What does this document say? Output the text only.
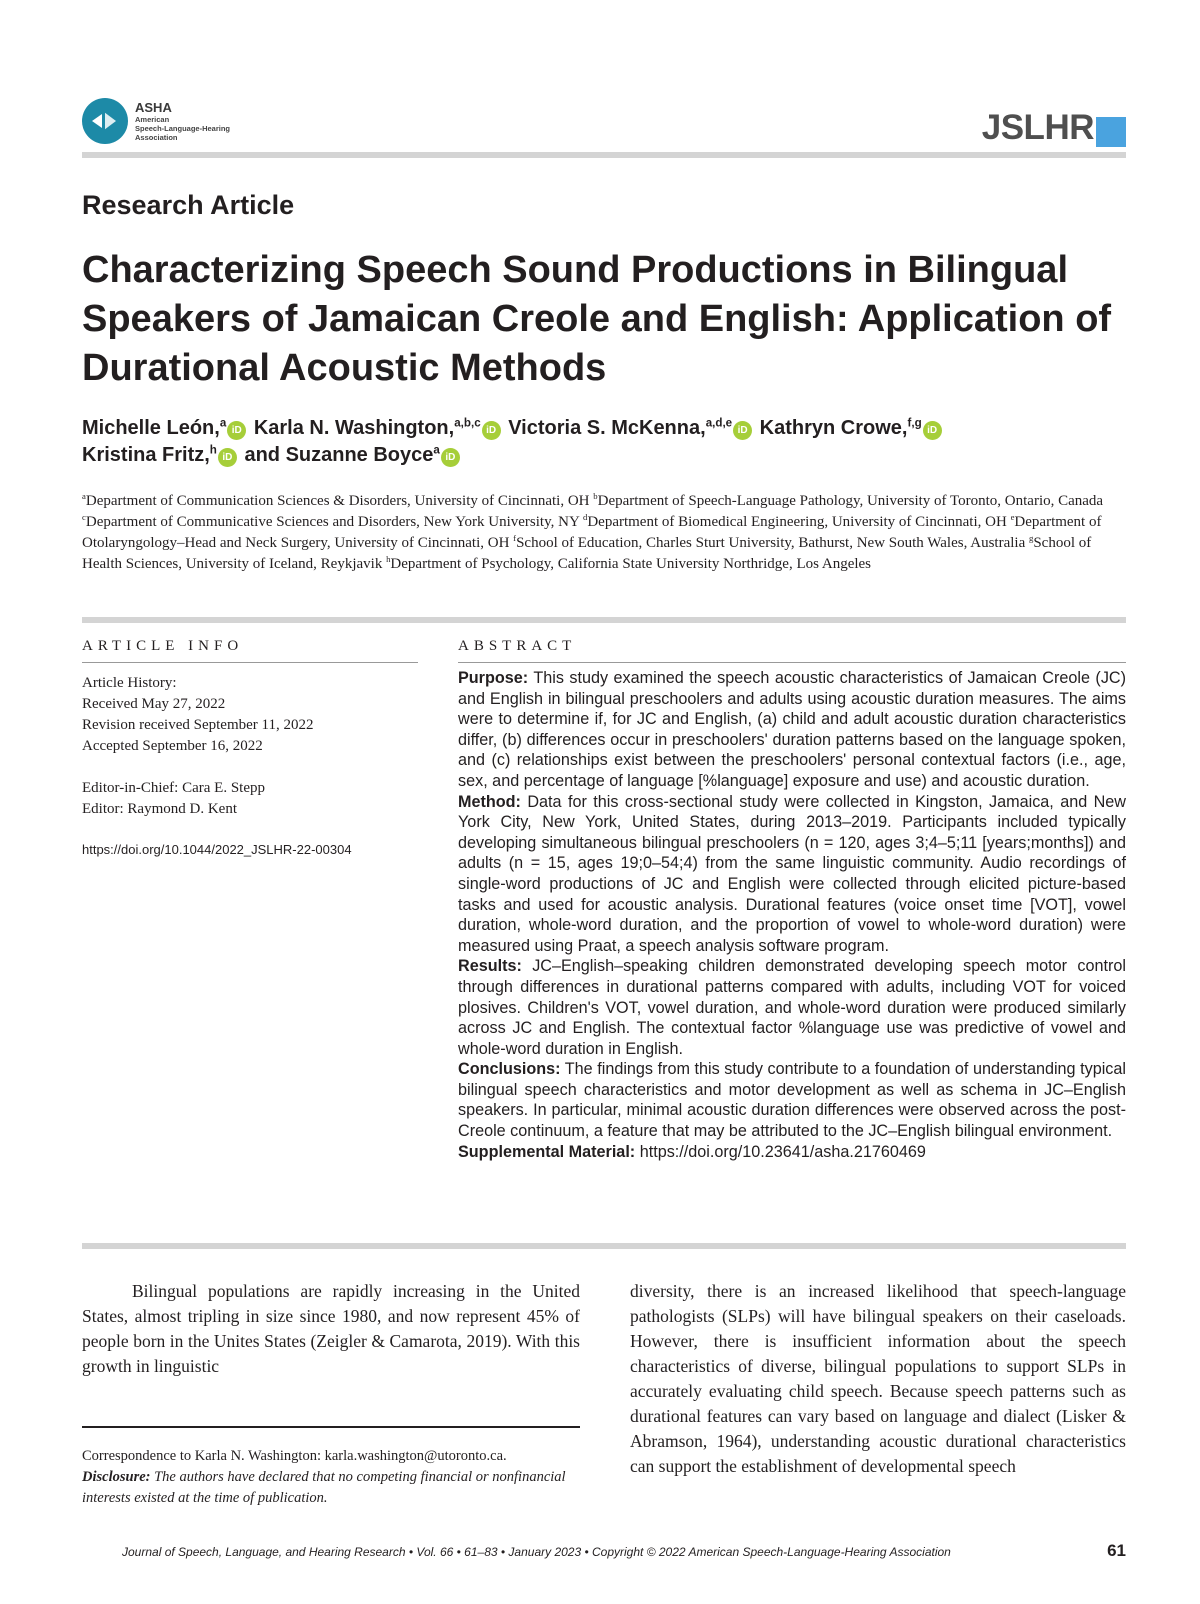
ASHA
American
Speech-Language-Hearing
Association	JSLHR
Research Article
Characterizing Speech Sound Productions in Bilingual Speakers of Jamaican Creole and English: Application of Durational Acoustic Methods
Michelle León,$^a$iD Karla N. Washington,$^{a,b,c}$iD Victoria S. McKenna,$^{a,d,e}$iD Kathryn Crowe,$^{f,g}$iD
Kristina Fritz,$^h$iD and Suzanne Boyce$^a$iD
$^a$Department of Communication Sciences & Disorders, University of Cincinnati, OH $^b$Department of Speech-Language Pathology, University of Toronto, Ontario, Canada $^c$Department of Communicative Sciences and Disorders, New York University, NY $^d$Department of Biomedical Engineering, University of Cincinnati, OH $^e$Department of Otolaryngology–Head and Neck Surgery, University of Cincinnati, OH $^f$School of Education, Charles Sturt University, Bathurst, New South Wales, Australia $^g$School of Health Sciences, University of Iceland, Reykjavik $^h$Department of Psychology, California State University Northridge, Los Angeles
ARTICLE INFO
Article History:
Received May 27, 2022
Revision received September 11, 2022
Accepted September 16, 2022
Editor-in-Chief: Cara E. Stepp
Editor: Raymond D. Kent
https://doi.org/10.1044/2022_JSLHR-22-00304
ABSTRACT

Purpose: This study examined the speech acoustic characteristics of Jamaican Creole (JC) and English in bilingual preschoolers and adults using acoustic duration measures. The aims were to determine if, for JC and English, (a) child and adult acoustic duration characteristics differ, (b) differences occur in preschoolers' duration patterns based on the language spoken, and (c) relationships exist between the preschoolers' personal contextual factors (i.e., age, sex, and percentage of language [%language] exposure and use) and acoustic duration.

Method: Data for this cross-sectional study were collected in Kingston, Jamaica, and New York City, New York, United States, during 2013–2019. Participants included typically developing simultaneous bilingual preschoolers (n = 120, ages 3;4–5;11 [years;months]) and adults (n = 15, ages 19;0–54;4) from the same linguistic community. Audio recordings of single-word productions of JC and English were collected through elicited picture-based tasks and used for acoustic analysis. Durational features (voice onset time [VOT], vowel duration, whole-word duration, and the proportion of vowel to whole-word duration) were measured using Praat, a speech analysis software program.

Results: JC–English–speaking children demonstrated developing speech motor control through differences in durational patterns compared with adults, including VOT for voiced plosives. Children's VOT, vowel duration, and whole-word duration were produced similarly across JC and English. The contextual factor %language use was predictive of vowel and whole-word duration in English.

Conclusions: The findings from this study contribute to a foundation of understanding typical bilingual speech characteristics and motor development as well as schema in JC–English speakers. In particular, minimal acoustic duration differences were observed across the post-Creole continuum, a feature that may be attributed to the JC–English bilingual environment.

Supplemental Material: https://doi.org/10.23641/asha.21760469

Bilingual populations are rapidly increasing in the United States, almost tripling in size since 1980, and now represent 45% of people born in the Unites States (Zeigler & Camarota, 2019). With this growth in linguistic
diversity, there is an increased likelihood that speech-language pathologists (SLPs) will have bilingual speakers on their caseloads. However, there is insufficient information about the speech characteristics of diverse, bilingual populations to support SLPs in accurately evaluating child speech. Because speech patterns such as durational features can vary based on language and dialect (Lisker & Abramson, 1964), understanding acoustic durational characteristics can support the establishment of developmental speech
Correspondence to Karla N. Washington: karla.washington@utoronto.ca.
Disclosure: The authors have declared that no competing financial or nonfinancial interests existed at the time of publication.
Journal of Speech, Language, and Hearing Research • Vol. 66 • 61–83 • January 2023 • Copyright © 2022 American Speech-Language-Hearing Association	61
